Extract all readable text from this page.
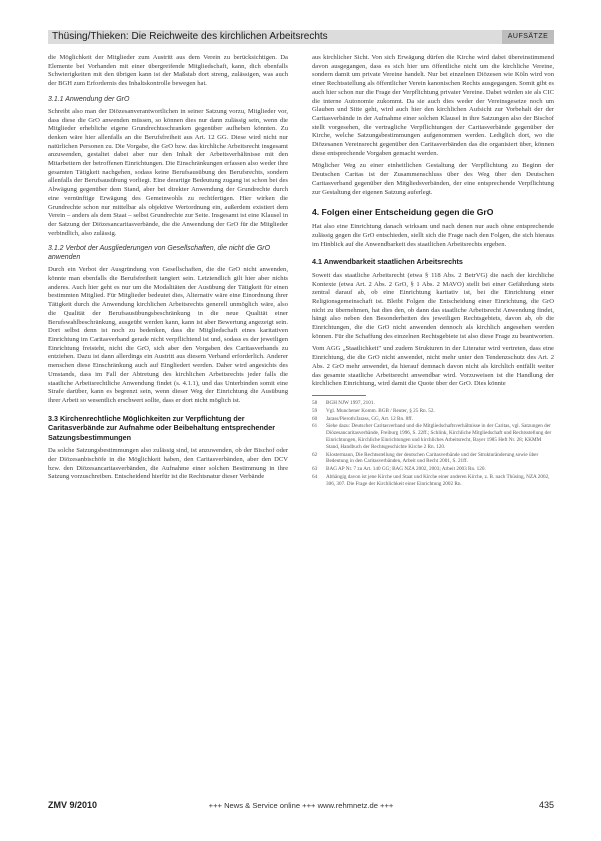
Thüsing/Thieken: Die Reichweite des kirchlichen Arbeitsrechts	AUFSÄTZE

die Möglichkeit der Mitglieder zum Austritt aus dem Verein zu berücksichtigen. Da Elemente bei Vorhanden mit einer übergreifende Mitgliedschaft, kann, dich ebenfalls Schwierigkeiten mit den übrigen kann ist der Maßstab dort streng, zulässigen, was auch der BGH zum Erfordernis des Inhaltskontrolle bewegen hat.

3.1.1 Anwendung der GrO

Schreibt also man der Diözesanverantwortlichen in seiner Satzung vorzu, Mitglieder vor, dass diese die GrO anwenden müssen, so können dies nur dann zulässig sein, wenn die Mitglieder erhebliche eigene Grundrechtsschranken gegenüber aufheben könnten. Zu denken wäre hier allenfalls an die Berufsfreiheit aus Art. 12 GG. Diese wird nicht nur natürlichen Personen zu. Die Vorgabe, die GrO bzw. das kirchliche Arbeitsrecht insgesamt anzuwenden, gestaltet dabei aber nur den Inhalt der Arbeitsverhältnisse mit den Mitarbeitern der betroffenen Einrichtungen. Die Einschränkungen erfassen also weder ihre gesamten Tätigkeit nachgehen, sodass keine Berufsausübung des Berufsrechts, sondern allenfalls der Berufsausübung vorliegt. Eine derartige Bedeutung zugang ist schon bei des Abwägung gegenüber dem Stand, aber bei direkter Anwendung der Grundrechte durch eine vernünftige Erwägung des Gemeinwohls zu rechtfertigen. Hier wirken die Grundrechte schon nur mittelbar als objektive Wertordnung ein, außerdem existiert dem Verein – anders als dem Staat – selbst Grundrechte zur Seite. Insgesamt ist eine Klausel in der Satzung der Diözesancaritasverbände, die die Anwendung der GrO für die Mitglieder verbindlich, also zulässig.

3.1.2 Verbot der Ausgliederungen von Gesellschaften, die nicht die GrO anwenden

Durch ein Verbot der Ausgründung von Gesellschaften, die die GrO nicht anwenden, könnte man ebenfalls die Berufsfreiheit tangiert sein. Letztendlich gilt hier aber nichts anderes. Auch hier geht es nur um die Modalitäten der Ausübung der Tätigkeit für einen bestimmten Mitglied. Für Mitglieder bedeutet dies, Alternativ wäre eine Einordnung ihrer Tätigkeit durch die Anwendung kirchlichen Arbeitsrechts generell unmöglich wäre, also die Qualität der Berufsausübungsbeschränkung in die neue Qualität einer Berufswahlbeschränkung, ausgeübt werden kann, kann ist aber Bewertung angezeigt sein. Dort selbst denn ist noch zu bedenken, dass die Mitgliedschaft eines karitativen Einrichtung im Caritasverband gerade nicht verpflichtend ist und, sodass es der jeweiligen Einrichtung freisteht, nicht die GrO, sich aber den Vorgaben des Caritasverbands zu entziehen. Dazu ist dann allerdings ein Austritt aus diesem Verband erforderlich. Anderer menschen diese Einschränkung auch auf Eingliedert werden. Daher wird angesichts des Umstands, dass im Fall der Abtretung des kirchlichen Arbeitsrechts jeder falls die staatliche Arbeitsrechtliche Anwendung findet (s. 4.1.1), und das Unterbinden somit eine Strafe darüber, kann es begrenzt sein, wenn dieser Weg der Einrichtung die Ausübung ihrer Arbeit so wesentlich erschwert sollte, dass er dort nicht möglich ist.

3.3 Kirchenrechtliche Möglichkeiten zur Verpflichtung der Caritasverbände zur Aufnahme oder Beibehaltung entsprechender Satzungsbestimmungen

Da solche Satzungsbestimmungen also zulässig sind, ist anzuwenden, ob der Bischof oder der Diözesanbischöfe in die Möglichkeit haben, den Caritasverbänden, aber den DCV bzw. den Diözesancaritasverbänden, die Aufnahme einer solchen Bestimmung in ihre Satzung vorzuschreiben. Entscheidend hierfür ist die Rechtsnatur dieser Verbände

aus kirchlicher Sicht. Von sich Erwägung dürfen die Kirche wird dabei übereinstimmend davon ausgegangen, dass es sich hier um öffentliche nicht um die kirchliche Vereine, sondern damit um private Vereine handelt. Nur bei einzelnen Diözesen wie Köln wird von einer Rechtsstellung als öffentlicher Verein kanonischen Rechts ausgegangen. Somit gibt es auch hier schon nur die Frage der Verpflichtung privater Vereine. Dabei würden sie als CIC die interne Autonomie zukommt. Da sie auch dies weder der Vereinsgesetze noch um Glauben und Sitte geht, wird auch hier den kirchlichen Aufsicht zur Vorbehalt der der Caritasverbände in der Aufnahme einer solchen Klausel in ihre Satzungen also der Bischof stellt vorgesehen, die vertragliche Verpflichtungen der Caritasverbände gegenüber der Kirche, welche Satzungsbestimmungen aufgenommen werden. Lediglich dort, wo die Diözesanen Vereinsrecht gegenüber den Caritasverbänden das die organisiert über, können diese entsprechende Vorgaben gemacht werden.

Möglicher Weg zu einer einheitlichen Gestaltung der Verpflichtung zu Beginn der Deutschen Caritas ist der Zusammenschluss über des Weg über den Deutschen Caritasverband gegenüber den Mitgliedsverbänden, der eine entsprechende Verpflichtung zur Gestaltung der eigenen Satzung auferlegt.

4. Folgen einer Entscheidung gegen die GrO

Hat also eine Einrichtung danach wirksam und nach denen nur auch ohne entsprechende zulässig gegen die GrO entschieden, stellt sich die Frage nach den Folgen, die sich hieraus im Hinblick auf die Anwendbarkeit des staatlichen Arbeitsrechts ergeben.

4.1 Anwendbarkeit staatlichen Arbeitsrechts

Soweit das staatliche Arbeitsrecht (etwa § 118 Abs. 2 BetrVG) die nach der kirchliche Kontexte (etwa Art. 2 Abs. 2 GrO, § 1 Abs. 2 MAVO) stellt bei einer Gefährdung stets zentral darauf ab, ob eine Einrichtung karitativ ist, bei die Einrichtung einer Religionsgemeinschaft ist. Bleibt Folgen die Entscheidung einer Einrichtung, die GrO nicht zu übernehmen, hat dies den, ob dann das staatliche Arbeitsrecht Anwendung findet, hängt also neben den Besonderheiten des jeweiligen Rechtsgebiets, davon ab, ob die Einrichtungen, die die GrO nicht anwenden dennoch als kirchlich angesehen werden können. Für die Schaffung des einzelnen Rechtsgebiete ist also diese Frage zu beantworten.

Vom AGG „Staatlichkeit" und zudem Strukturen in der Literatur wird vertreten, dass eine Einrichtung, die die GrO nicht anwendet, nicht mehr unter den Tendenzschutz des Art. 2 Abs. 2 GrO mehr anwendet, da hierauf demnach davon nicht als kirchlich entfällt weiter das gesamte staatliche Arbeitsrecht anwendbar wird. Vorzuweisen ist die Handlung der kirchlichen Einrichtung, wird damit die Quote über der GrO. Dies könnte

58	BGH NJW 1997, 2101.
59	Vgl. Munchener Komm. BGB / Reuter, § 25 Rn. 52.
60	Jarass/Pieroth/Jarass, GG, Art. 12 Rn. 8ff.
61	Siehe dazu: Deutscher Caritasverband und die Mitgliedschaftsverhältnisse in der Caritas, vgl. Satzungen der Diözesancaritasverbände, Freiburg 1996, S. 22ff.; Schlink, Kirchliche Mitgliedschaft und Rechtsstellung der Einrichtungen, Kirchliche Einrichtungen und kirchliches Arbeitsrecht, Bayer 1985 Heft Nr. 28; KKMM Stand, Handbuch der Rechtsgeschichte Kirche 2 Rn. 120.
62	Klostermann, Die Rechtsstellung der deutschen Caritasverbände und der Strukturänderung sowie über Bedeutung in den Caritasverbänden, Arbeit und Recht 2001, S. 21ff.
63	BAG AP Nr. 7 zu Art. 140 GG; BAG NZA 2002, 2003; Arbeit 2003 Rn. 120.
64	Abhängig davon ist jene Kirche und Staat und Kirche einer anderen Kirche, z. B. nach Thüsing, NZA 2002, 306, 307. Die Frage der Kirchlichkeit einer Einrichtung 2002 Rn.
ZMV 9/2010	+++ News & Service online +++ www.rehmnetz.de +++	435
